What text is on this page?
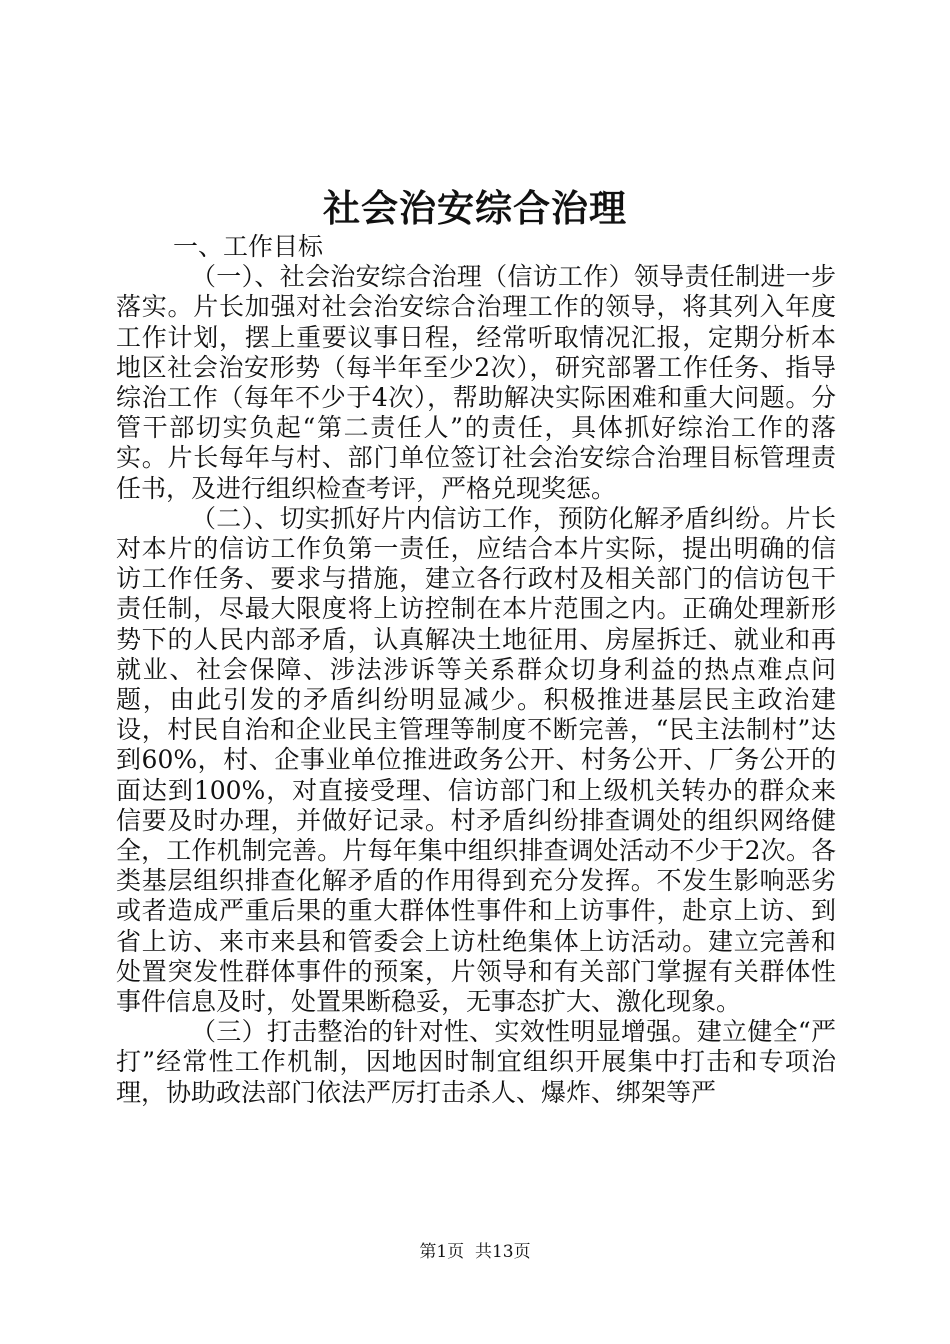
社会治安综合治理

一、工作目标

（一）、社会治安综合治理（信访工作）领导责任制进一步落实。片长加强对社会治安综合治理工作的领导，将其列入年度工作计划，摆上重要议事日程，经常听取情况汇报，定期分析本地区社会治安形势（每半年至少2次），研究部署工作任务、指导综治工作（每年不少于4次），帮助解决实际困难和重大问题。分管干部切实负起“第二责任人”的责任，具体抓好综治工作的落实。片长每年与村、部门单位签订社会治安综合治理目标管理责任书，及进行组织检查考评，严格兑现奖惩。

（二）、切实抓好片内信访工作，预防化解矛盾纠纷。片长对本片的信访工作负第一责任，应结合本片实际，提出明确的信访工作任务、要求与措施，建立各行政村及相关部门的信访包干责任制，尽最大限度将上访控制在本片范围之内。正确处理新形势下的人民内部矛盾，认真解决土地征用、房屋拆迁、就业和再就业、社会保障、涉法涉诉等关系群众切身利益的热点难点问题，由此引发的矛盾纠纷明显减少。积极推进基层民主政治建设，村民自治和企业民主管理等制度不断完善，“民主法制村”达到60%，村、企事业单位推进政务公开、村务公开、厂务公开的面达到100%，对直接受理、信访部门和上级机关转办的群众来信要及时办理，并做好记录。村矛盾纠纷排查调处的组织网络健全，工作机制完善。片每年集中组织排查调处活动不少于2次。各类基层组织排查化解矛盾的作用得到充分发挥。不发生影响恶劣或者造成严重后果的重大群体性事件和上访事件，赴京上访、到省上访、来市来县和管委会上访杜绝集体上访活动。建立完善和处置突发性群体事件的预案，片领导和有关部门掌握有关群体性事件信息及时，处置果断稳妥，无事态扩大、激化现象。

（三）打击整治的针对性、实效性明显增强。建立健全“严打”经常性工作机制，因地因时制宜组织开展集中打击和专项治理，协助政法部门依法严厉打击杀人、爆炸、绑架等严

第1页  共13页
